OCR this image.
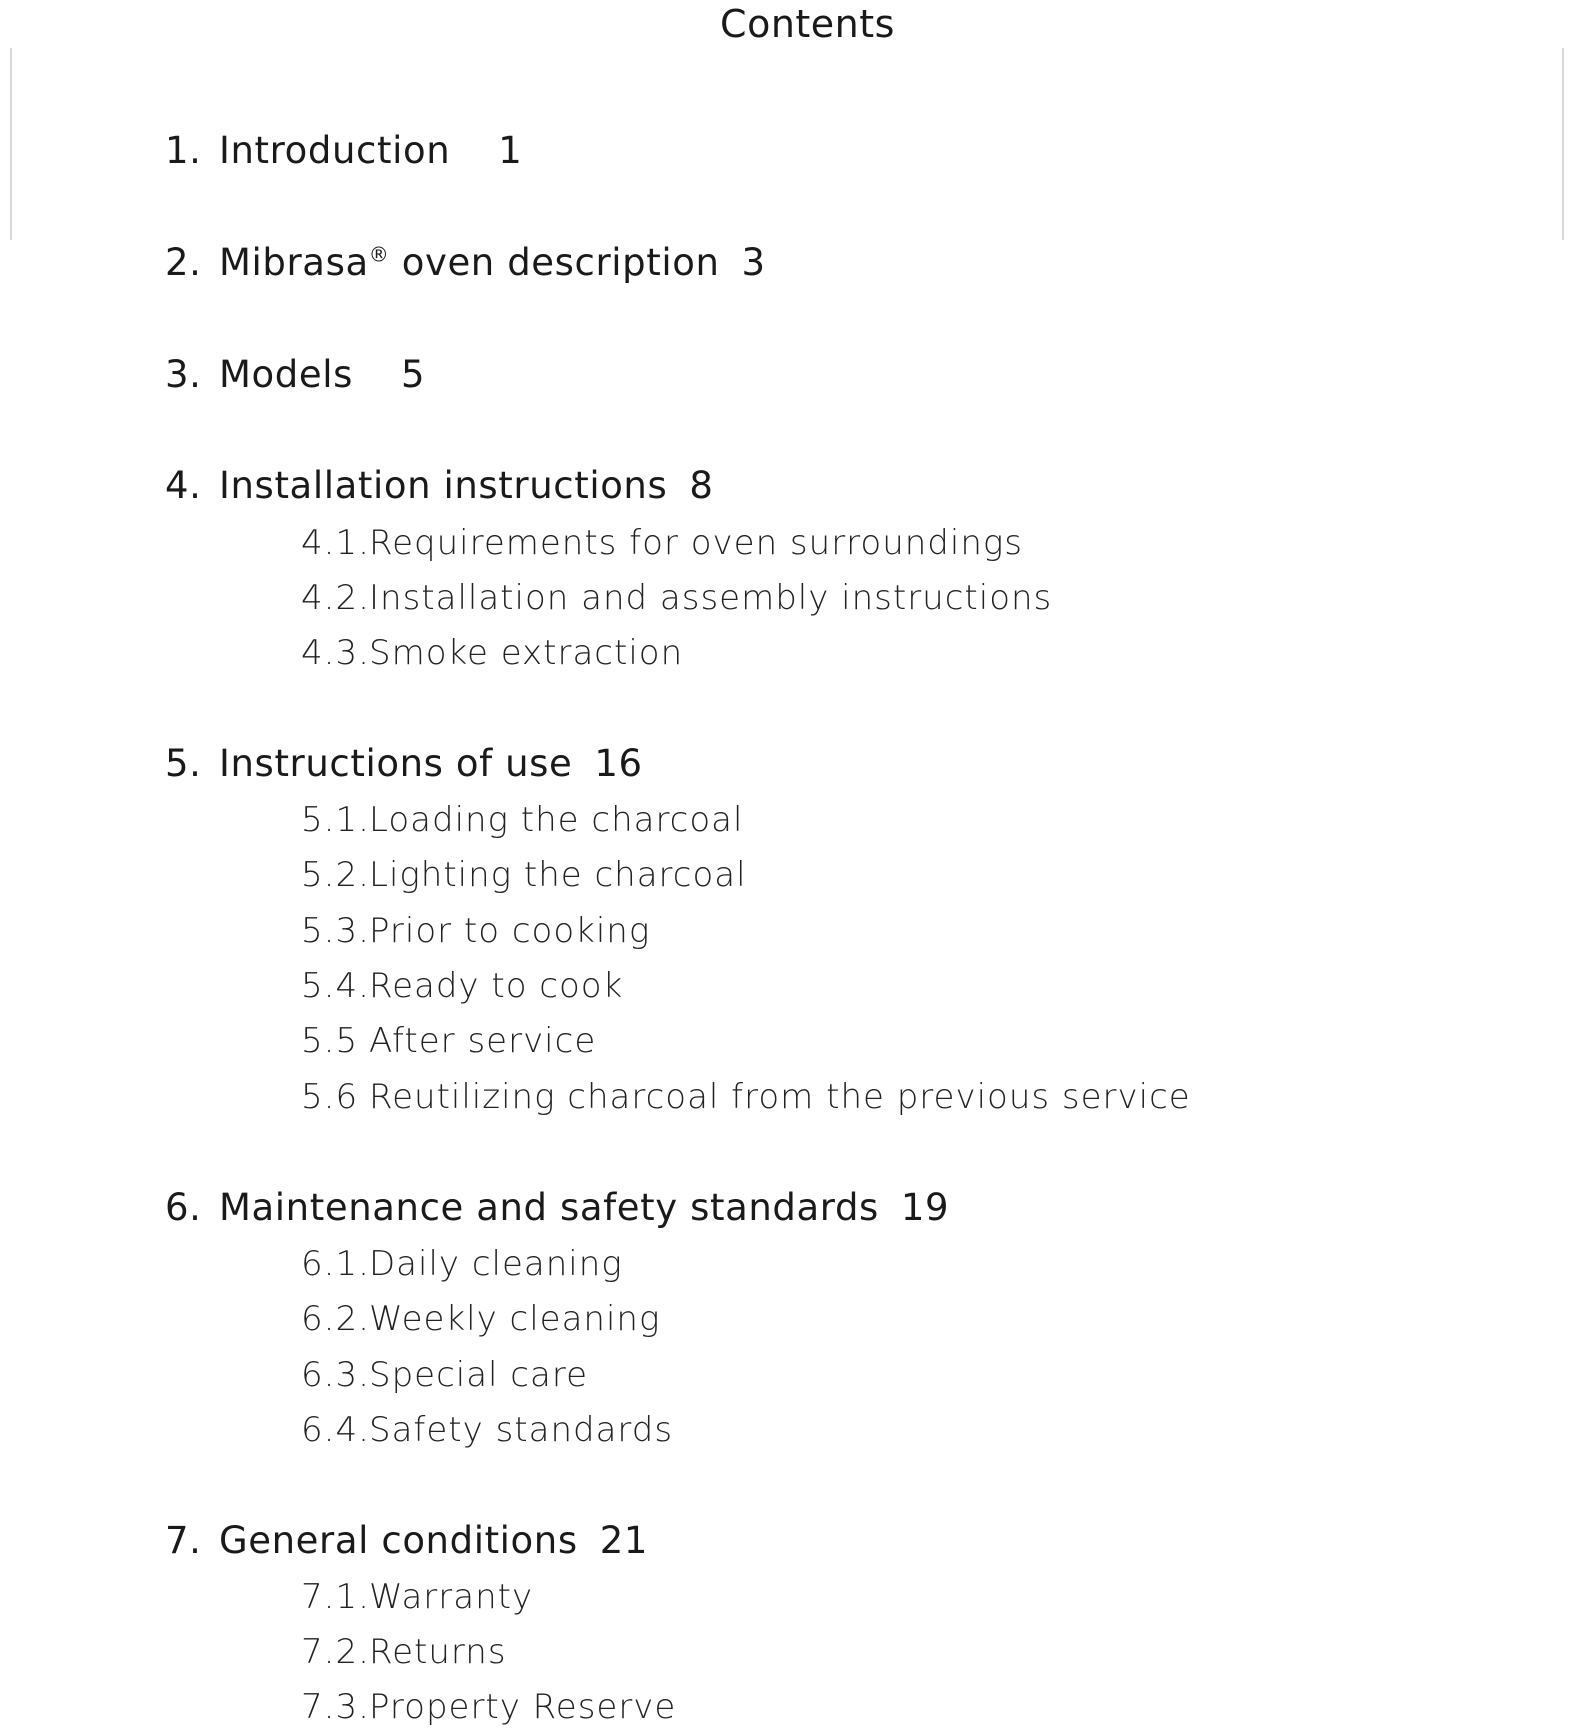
Contents
1. Introduction 1
2. Mibrasa® oven description 3
3. Models 5
4. Installation instructions 8
4.1.Requirements for oven surroundings
4.2.Installation and assembly instructions
4.3.Smoke extraction
5. Instructions of use 16
5.1.Loading the charcoal
5.2.Lighting the charcoal
5.3.Prior to cooking
5.4.Ready to cook
5.5 After service
5.6 Reutilizing charcoal from the previous service
6. Maintenance and safety standards 19
6.1.Daily cleaning
6.2.Weekly cleaning
6.3.Special care
6.4.Safety standards
7. General conditions 21
7.1.Warranty
7.2.Returns
7.3.Property Reserve
